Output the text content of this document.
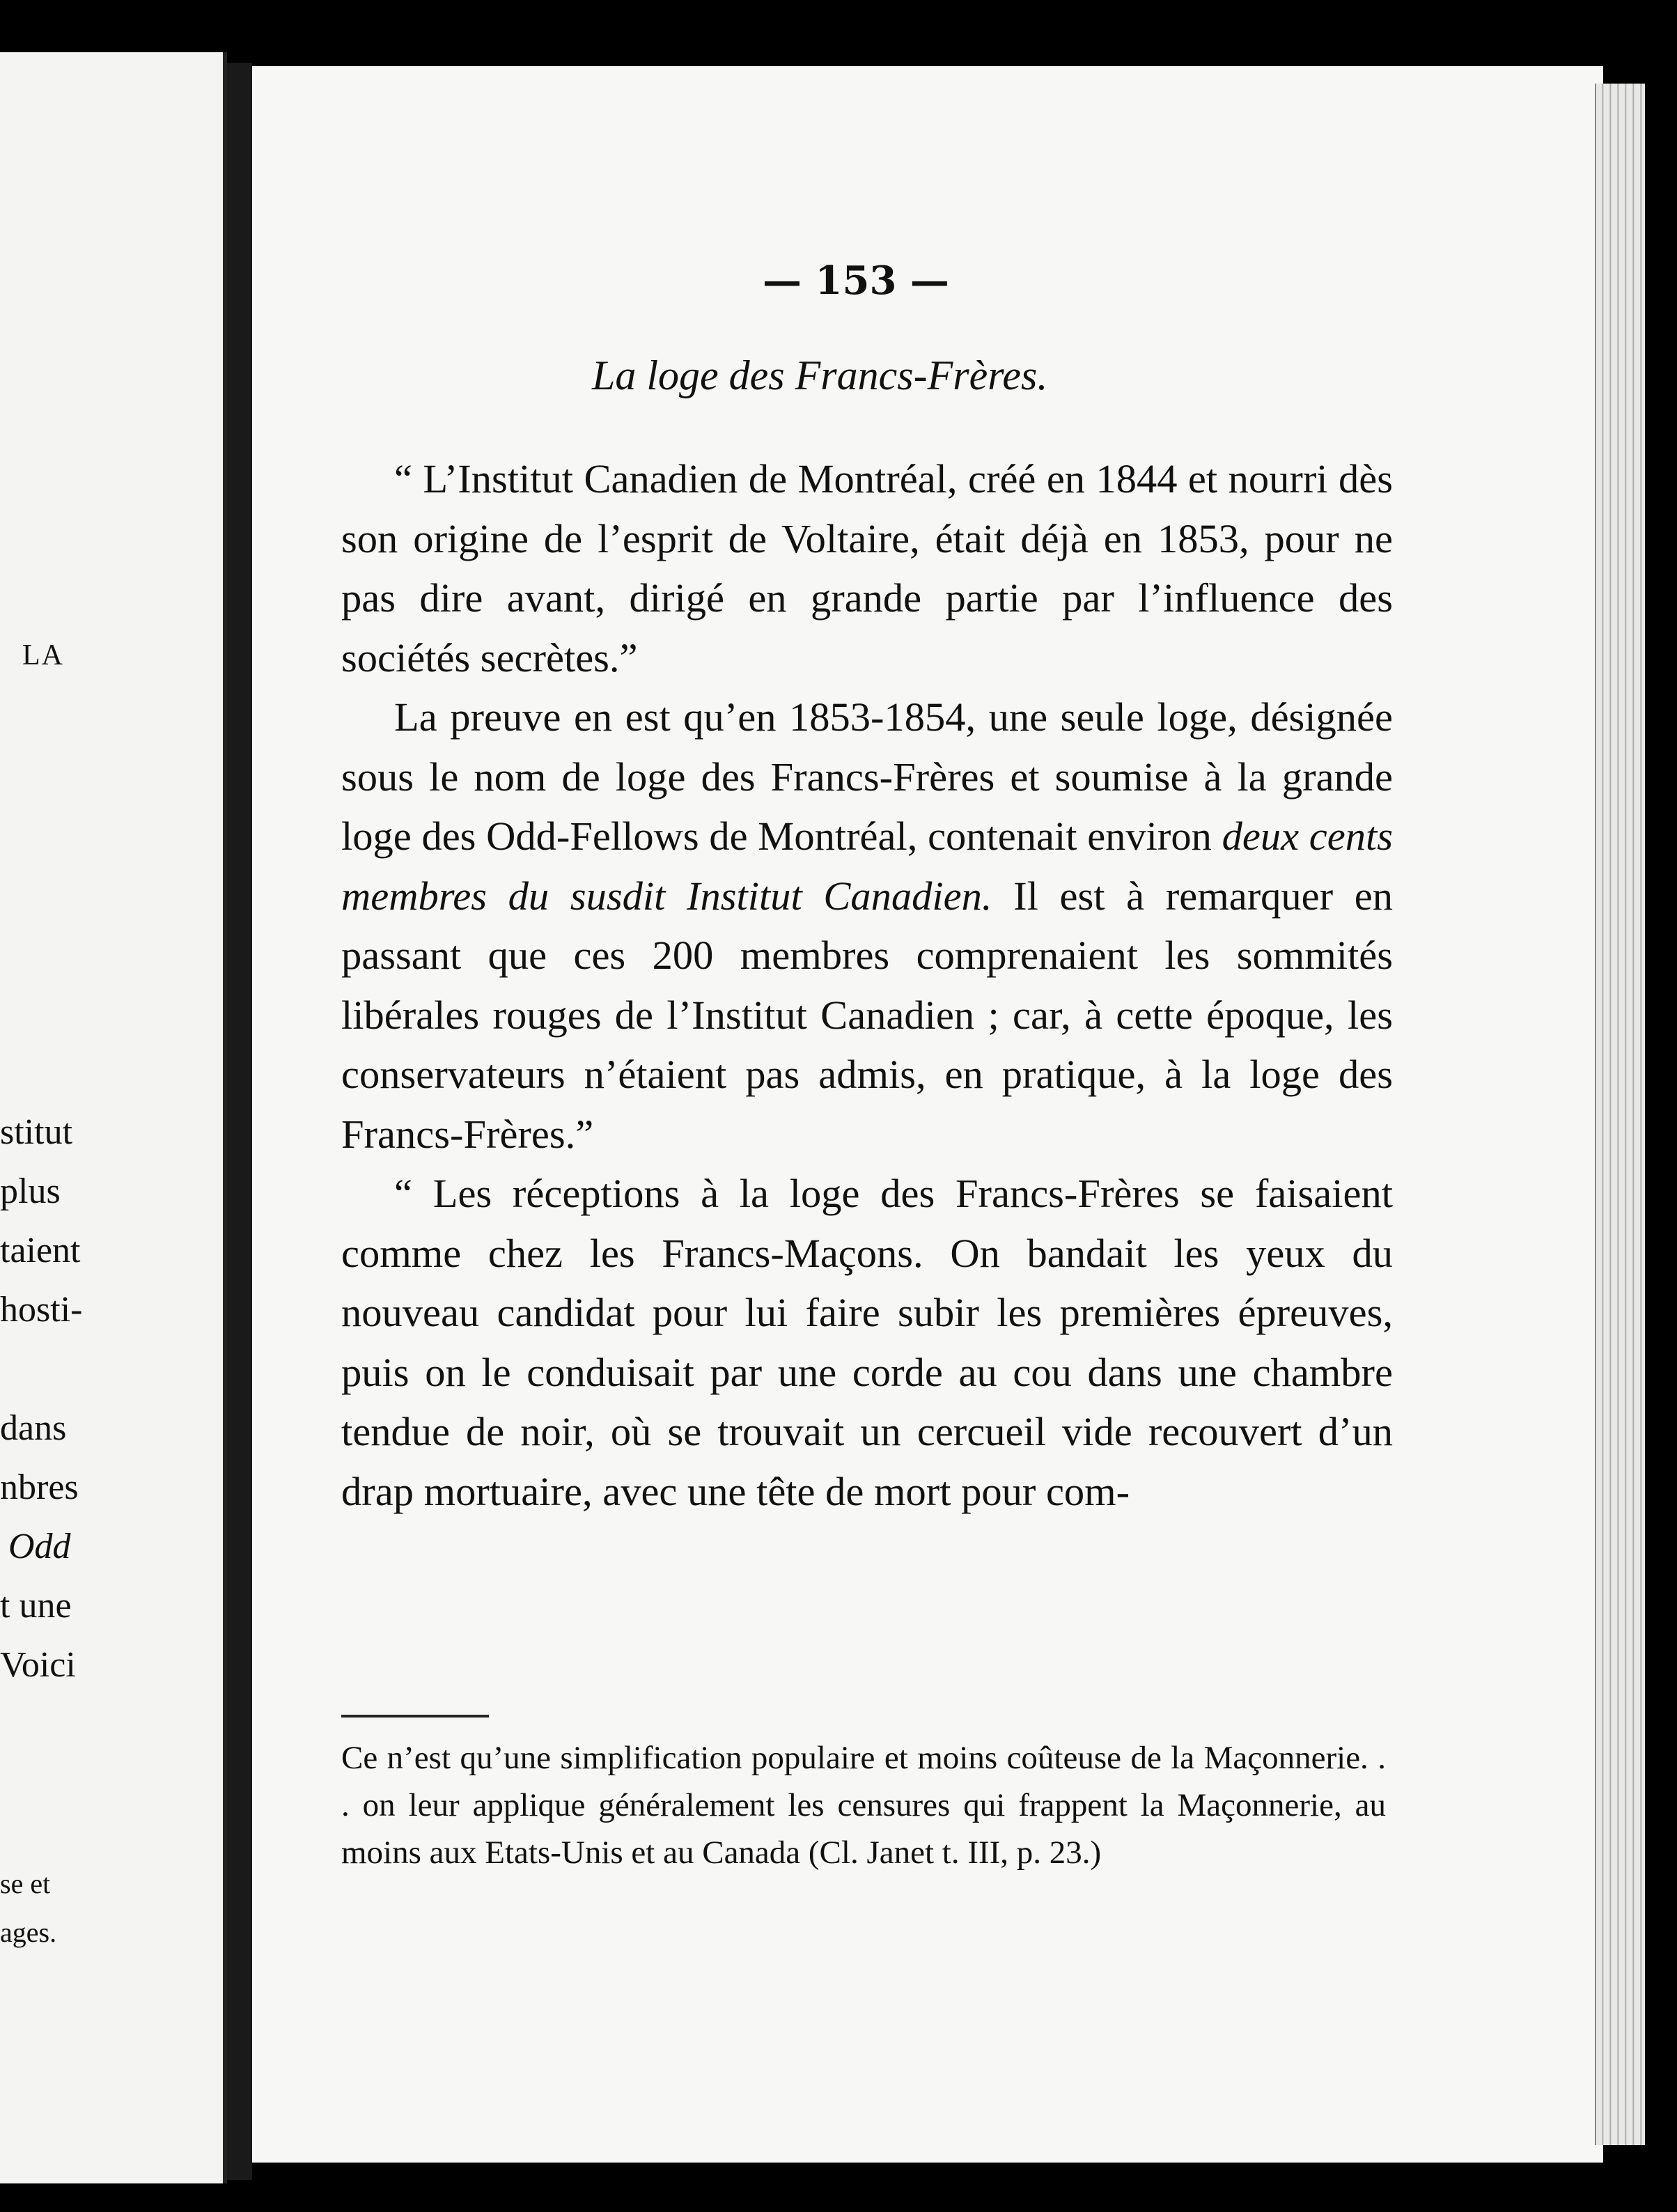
LA
stitut
plus
taient
hosti-
dans
nbres
Odd
t une
Voici
se et
ages.
— 153 —
La loge des Francs-Frères.

“ L’Institut Canadien de Montréal, créé en 1844 et nourri dès son origine de l’esprit de Voltaire, était déjà en 1853, pour ne pas dire avant, dirigé en grande partie par l’influence des sociétés secrètes.”

La preuve en est qu’en 1853-1854, une seule loge, désignée sous le nom de loge des Francs-Frères et soumise à la grande loge des Odd-Fellows de Montréal, contenait environ deux cents membres du susdit Institut Canadien. Il est à remarquer en passant que ces 200 membres comprenaient les sommités libérales rouges de l’Institut Canadien ; car, à cette époque, les conservateurs n’étaient pas admis, en pratique, à la loge des Francs-Frères.”

“ Les réceptions à la loge des Francs-Frères se faisaient comme chez les Francs-Maçons. On bandait les yeux du nouveau candidat pour lui faire subir les premières épreuves, puis on le conduisait par une corde au cou dans une chambre tendue de noir, où se trouvait un cercueil vide recouvert d’un drap mortuaire, avec une tête de mort pour com-

Ce n’est qu’une simplification populaire et moins coûteuse de la Maçonnerie. . . on leur applique généralement les censures qui frappent la Maçonnerie, au moins aux Etats-Unis et au Canada (Cl. Janet t. III, p. 23.)
